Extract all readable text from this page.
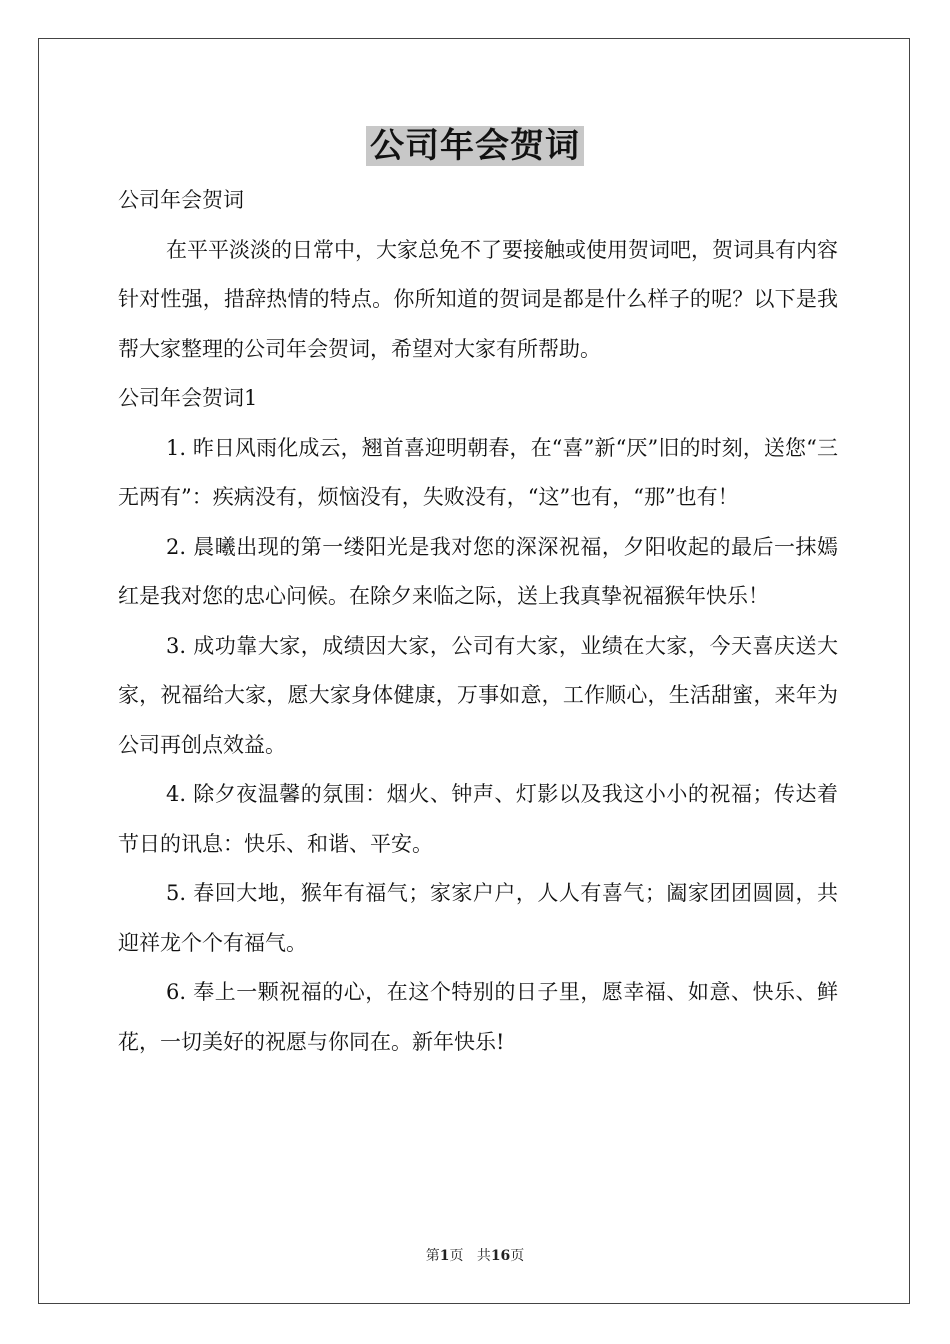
公司年会贺词

公司年会贺词

在平平淡淡的日常中，大家总免不了要接触或使用贺词吧，贺词具有内容针对性强，措辞热情的特点。你所知道的贺词是都是什么样子的呢？以下是我帮大家整理的公司年会贺词，希望对大家有所帮助。

公司年会贺词1

1. 昨日风雨化成云，翘首喜迎明朝春，在“喜”新“厌”旧的时刻，送您“三无两有”：疾病没有，烦恼没有，失败没有，“这”也有，“那”也有！

2. 晨曦出现的第一缕阳光是我对您的深深祝福，夕阳收起的最后一抹嫣红是我对您的忠心问候。在除夕来临之际，送上我真挚祝福猴年快乐！

3. 成功靠大家，成绩因大家，公司有大家，业绩在大家，今天喜庆送大家，祝福给大家，愿大家身体健康，万事如意，工作顺心，生活甜蜜，来年为公司再创点效益。

4. 除夕夜温馨的氛围：烟火、钟声、灯影以及我这小小的祝福；传达着节日的讯息：快乐、和谐、平安。

5. 春回大地，猴年有福气；家家户户，人人有喜气；阖家团团圆圆，共迎祥龙个个有福气。

6. 奉上一颗祝福的心，在这个特别的日子里，愿幸福、如意、快乐、鲜花，一切美好的祝愿与你同在。新年快乐!

第1页 共16页
